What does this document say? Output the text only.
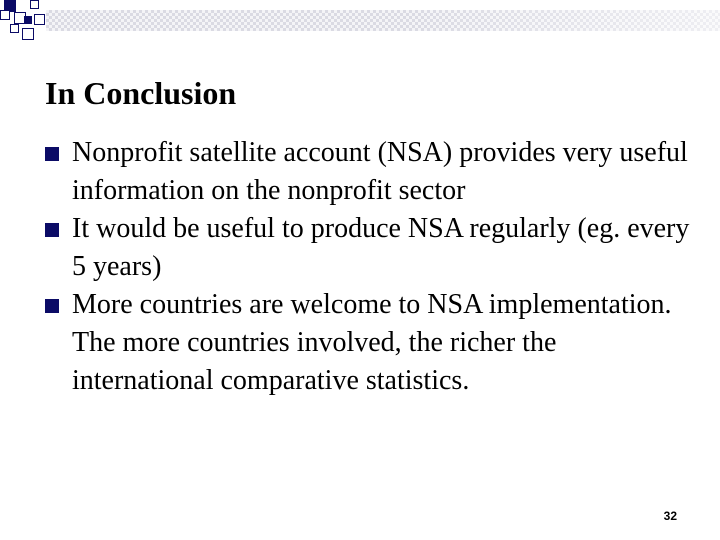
In Conclusion
Nonprofit satellite account (NSA) provides very useful information on the nonprofit sector
It would be useful to produce NSA regularly (eg. every 5 years)
More countries are welcome to NSA implementation. The more countries involved, the richer the international comparative statistics.
32
